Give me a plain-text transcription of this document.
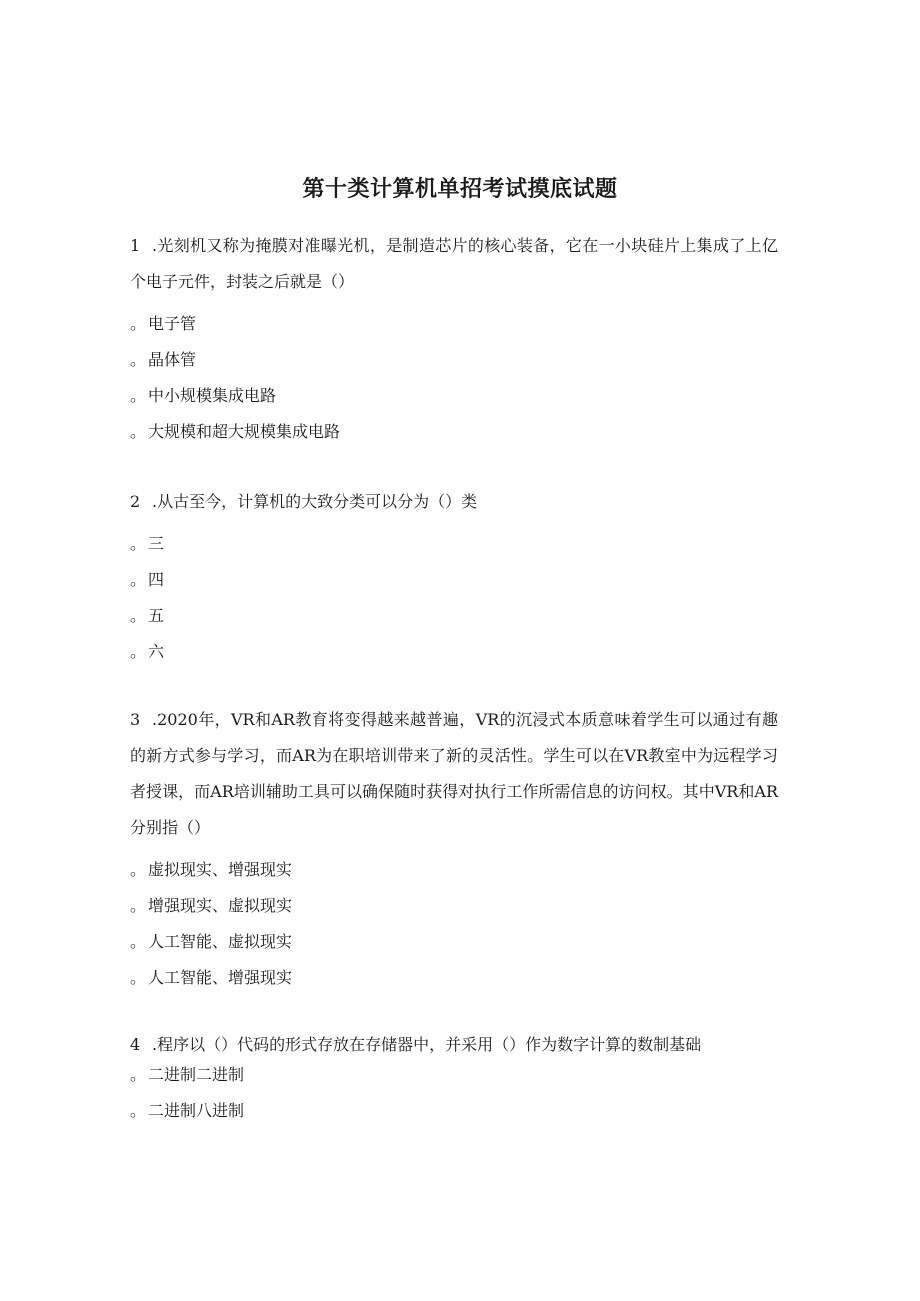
第十类计算机单招考试摸底试题

1 .光刻机又称为掩膜对准曝光机，是制造芯片的核心装备，它在一小块硅片上集成了上亿个电子元件，封装之后就是（）

。 电子管
。 晶体管
。 中小规模集成电路
。 大规模和超大规模集成电路

2 .从古至今，计算机的大致分类可以分为（）类

。 三
。 四
。 五
。 六

3 .2020年，VR和AR教育将变得越来越普遍，VR的沉浸式本质意味着学生可以通过有趣的新方式参与学习，而AR为在职培训带来了新的灵活性。学生可以在VR教室中为远程学习者授课，而AR培训辅助工具可以确保随时获得对执行工作所需信息的访问权。其中VR和AR分别指（）

。 虚拟现实、增强现实
。 增强现实、虚拟现实
。 人工智能、虚拟现实
。 人工智能、增强现实

4 .程序以（）代码的形式存放在存储器中，并采用（）作为数字计算的数制基础

。 二进制二进制
。 二进制八进制
